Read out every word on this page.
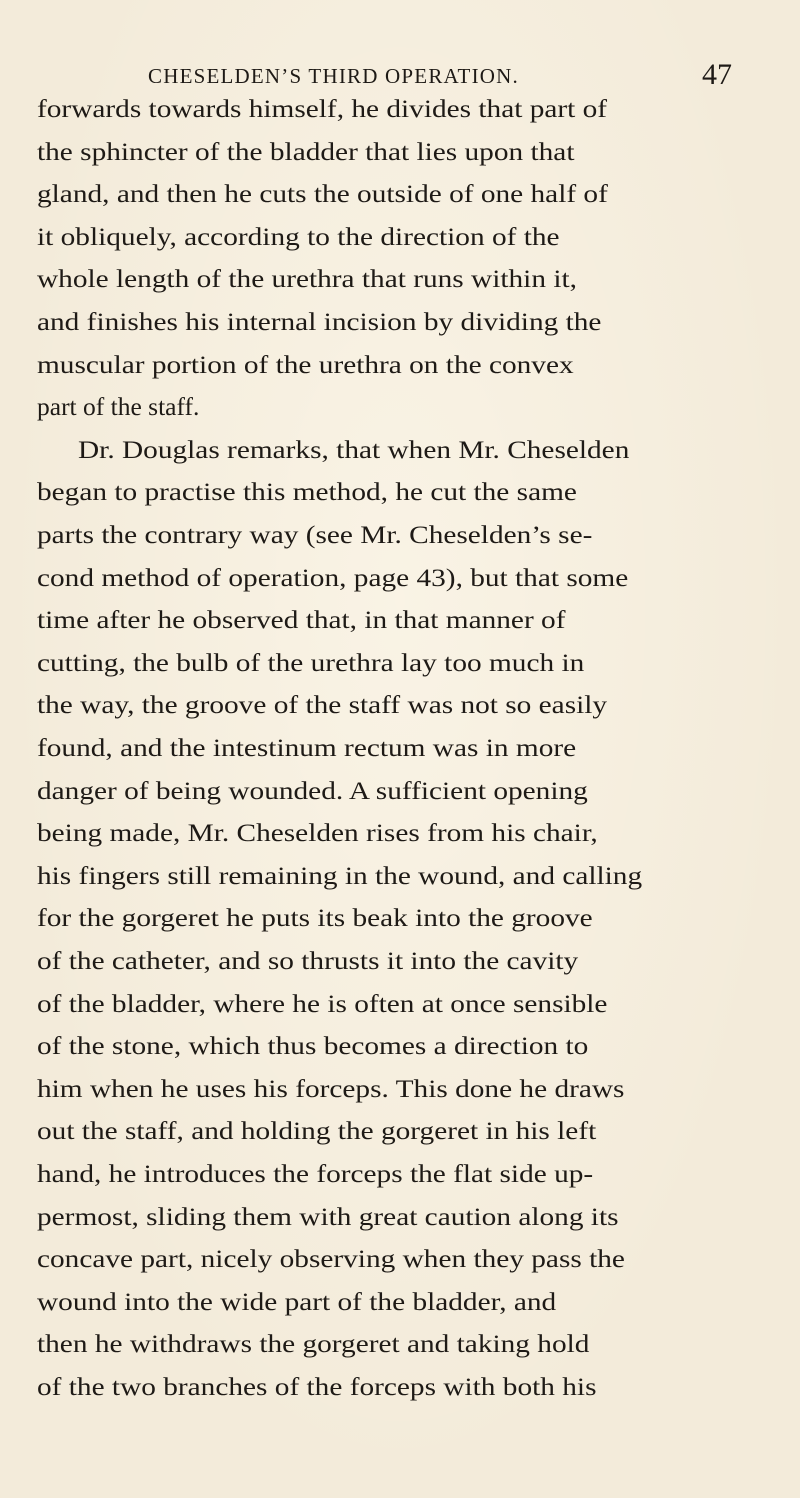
CHESELDEN’S THIRD OPERATION.	47
forwards towards himself, he divides that part of
the sphincter of the bladder that lies upon that
gland, and then he cuts the outside of one half of
it obliquely, according to the direction of the
whole length of the urethra that runs within it,
and finishes his internal incision by dividing the
muscular portion of the urethra on the convex
part of the staff.
Dr. Douglas remarks, that when Mr. Cheselden
began to practise this method, he cut the same
parts the contrary way (see Mr. Cheselden’s se-
cond method of operation, page 43), but that some
time after he observed that, in that manner of
cutting, the bulb of the urethra lay too much in
the way, the groove of the staff was not so easily
found, and the intestinum rectum was in more
danger of being wounded. A sufficient opening
being made, Mr. Cheselden rises from his chair,
his fingers still remaining in the wound, and calling
for the gorgeret he puts its beak into the groove
of the catheter, and so thrusts it into the cavity
of the bladder, where he is often at once sensible
of the stone, which thus becomes a direction to
him when he uses his forceps. This done he draws
out the staff, and holding the gorgeret in his left
hand, he introduces the forceps the flat side up-
permost, sliding them with great caution along its
concave part, nicely observing when they pass the
wound into the wide part of the bladder, and
then he withdraws the gorgeret and taking hold
of the two branches of the forceps with both his
